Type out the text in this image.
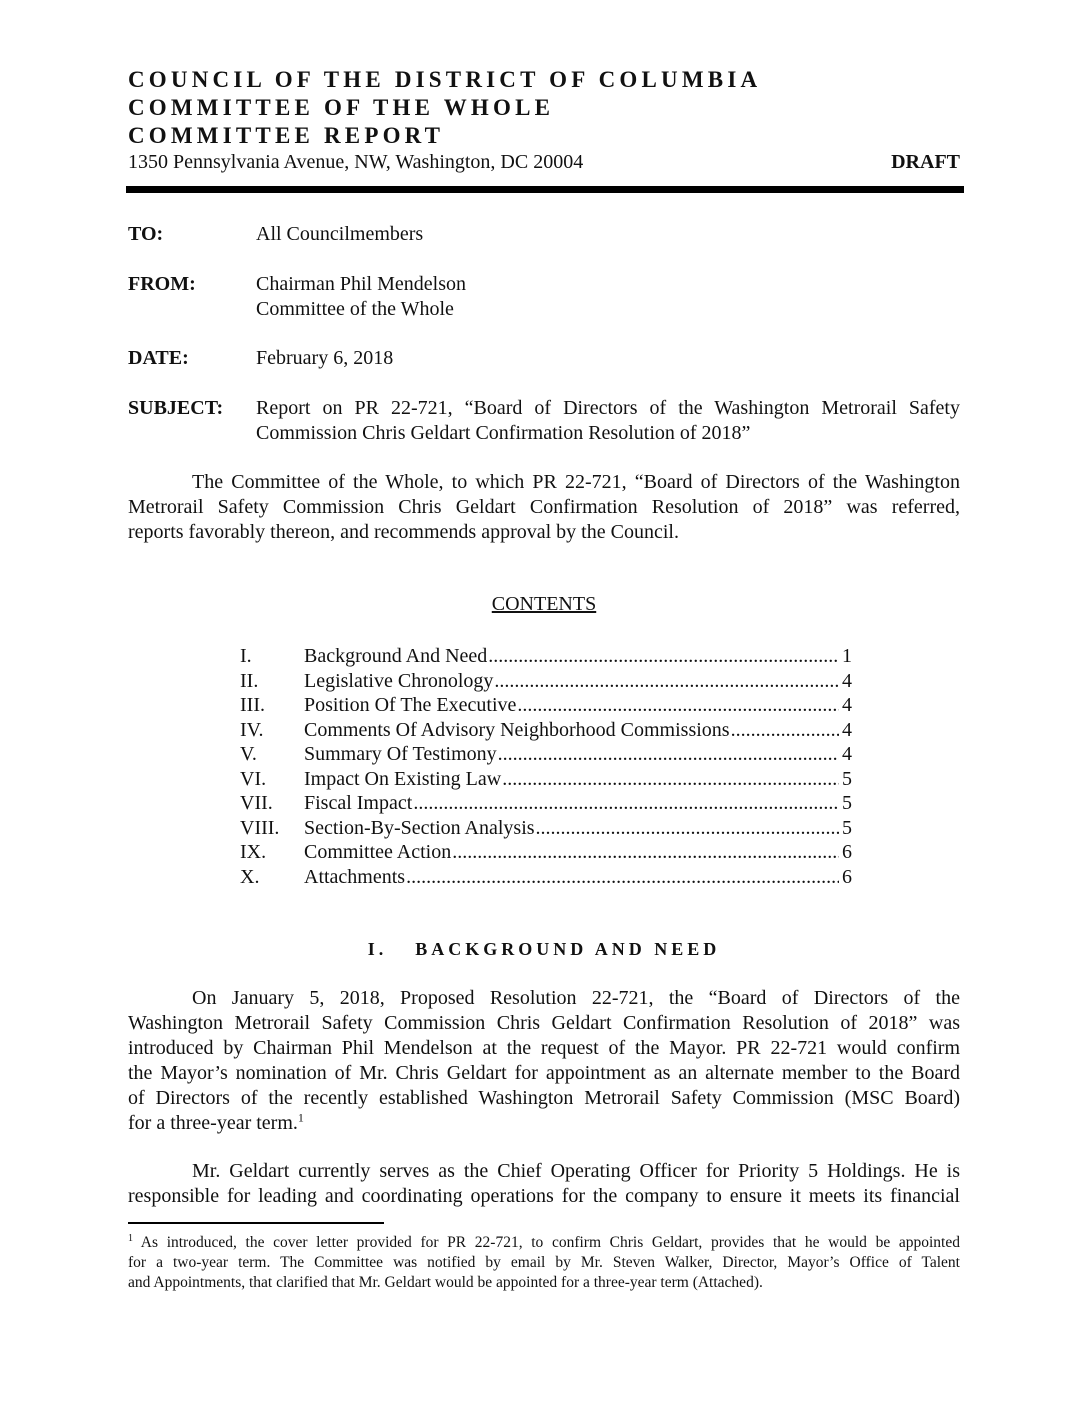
COUNCIL OF THE DISTRICT OF COLUMBIA
COMMITTEE OF THE WHOLE
COMMITTEE REPORT
1350 Pennsylvania Avenue, NW, Washington, DC 20004	DRAFT
TO:	All Councilmembers
FROM:	Chairman Phil Mendelson
Committee of the Whole
DATE:	February 6, 2018
SUBJECT: Report on PR 22-721, “Board of Directors of the Washington Metrorail Safety
Commission Chris Geldart Confirmation Resolution of 2018”
The Committee of the Whole, to which PR 22-721, “Board of Directors of the Washington
Metrorail Safety Commission Chris Geldart Confirmation Resolution of 2018” was referred,
reports favorably thereon, and recommends approval by the Council.
CONTENTS
I.	Background And Need .....	1
II.	Legislative Chronology .....	4
III.	Position Of The Executive .....	4
IV.	Comments Of Advisory Neighborhood Commissions .....	4
V.	Summary Of Testimony .....	4
VI.	Impact On Existing Law .....	5
VII.	Fiscal Impact .....	5
VIII.	Section-By-Section Analysis .....	5
IX.	Committee Action .....	6
X.	Attachments .....	6
I. BACKGROUND AND NEED
On January 5, 2018, Proposed Resolution 22-721, the “Board of Directors of the
Washington Metrorail Safety Commission Chris Geldart Confirmation Resolution of 2018” was
introduced by Chairman Phil Mendelson at the request of the Mayor. PR 22-721 would confirm
the Mayor’s nomination of Mr. Chris Geldart for appointment as an alternate member to the Board
of Directors of the recently established Washington Metrorail Safety Commission (MSC Board)
for a three-year term.$^1$
Mr. Geldart currently serves as the Chief Operating Officer for Priority 5 Holdings. He is
responsible for leading and coordinating operations for the company to ensure it meets its financial
$^1$ As introduced, the cover letter provided for PR 22-721, to confirm Chris Geldart, provides that he would be appointed
for a two-year term. The Committee was notified by email by Mr. Steven Walker, Director, Mayor’s Office of Talent
and Appointments, that clarified that Mr. Geldart would be appointed for a three-year term (Attached).
